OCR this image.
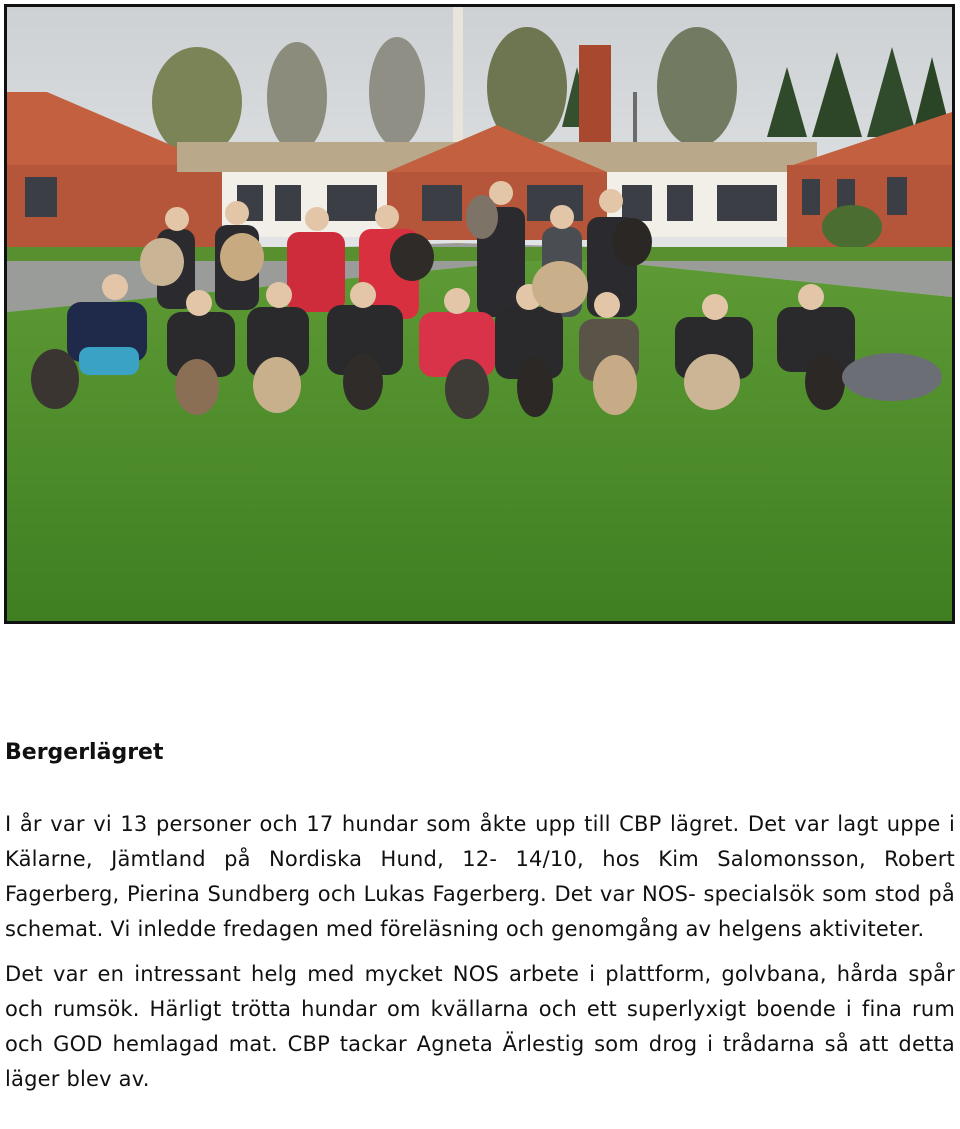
Bergerlägret

I år var vi 13 personer och 17 hundar som åkte upp till CBP lägret. Det var lagt uppe i Kälarne, Jämtland på Nordiska Hund, 12- 14/10, hos Kim Salomonsson, Robert Fagerberg, Pierina Sundberg och Lukas Fagerberg. Det var NOS- specialsök som stod på schemat. Vi inledde fredagen med föreläsning och genomgång av helgens aktiviteter.

Det var en intressant helg med mycket NOS arbete i plattform, golvbana, hårda spår och rumsök. Härligt trötta hundar om kvällarna och ett superlyxigt boende i fina rum och GOD hemlagad mat. CBP tackar Agneta Ärlestig som drog i trådarna så att detta läger blev av.
